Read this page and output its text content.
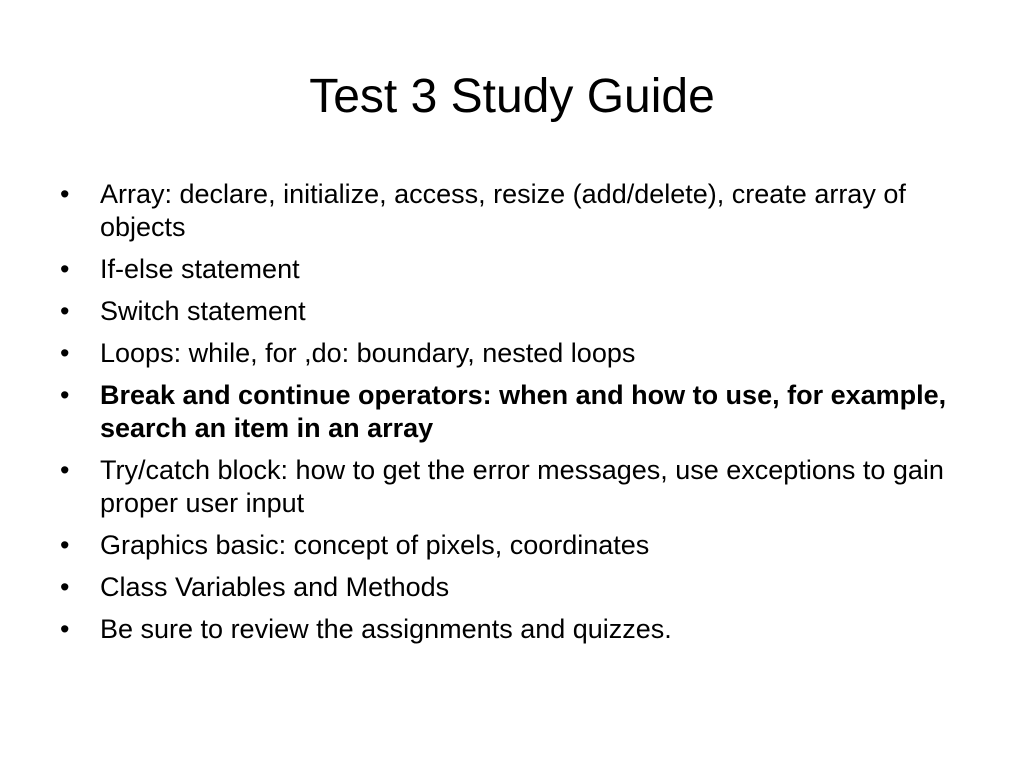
Test 3 Study Guide
•	Array: declare, initialize, access, resize (add/delete), create array of objects
•	If-else statement
•	Switch statement
•	Loops: while, for ,do: boundary, nested loops
•	Break and continue operators: when and how to use, for example, search an item in an array
•	Try/catch block: how to get the error messages, use exceptions to gain proper user input
•	Graphics basic: concept of pixels, coordinates
•	Class Variables and Methods
•	Be sure to review the assignments and quizzes.
